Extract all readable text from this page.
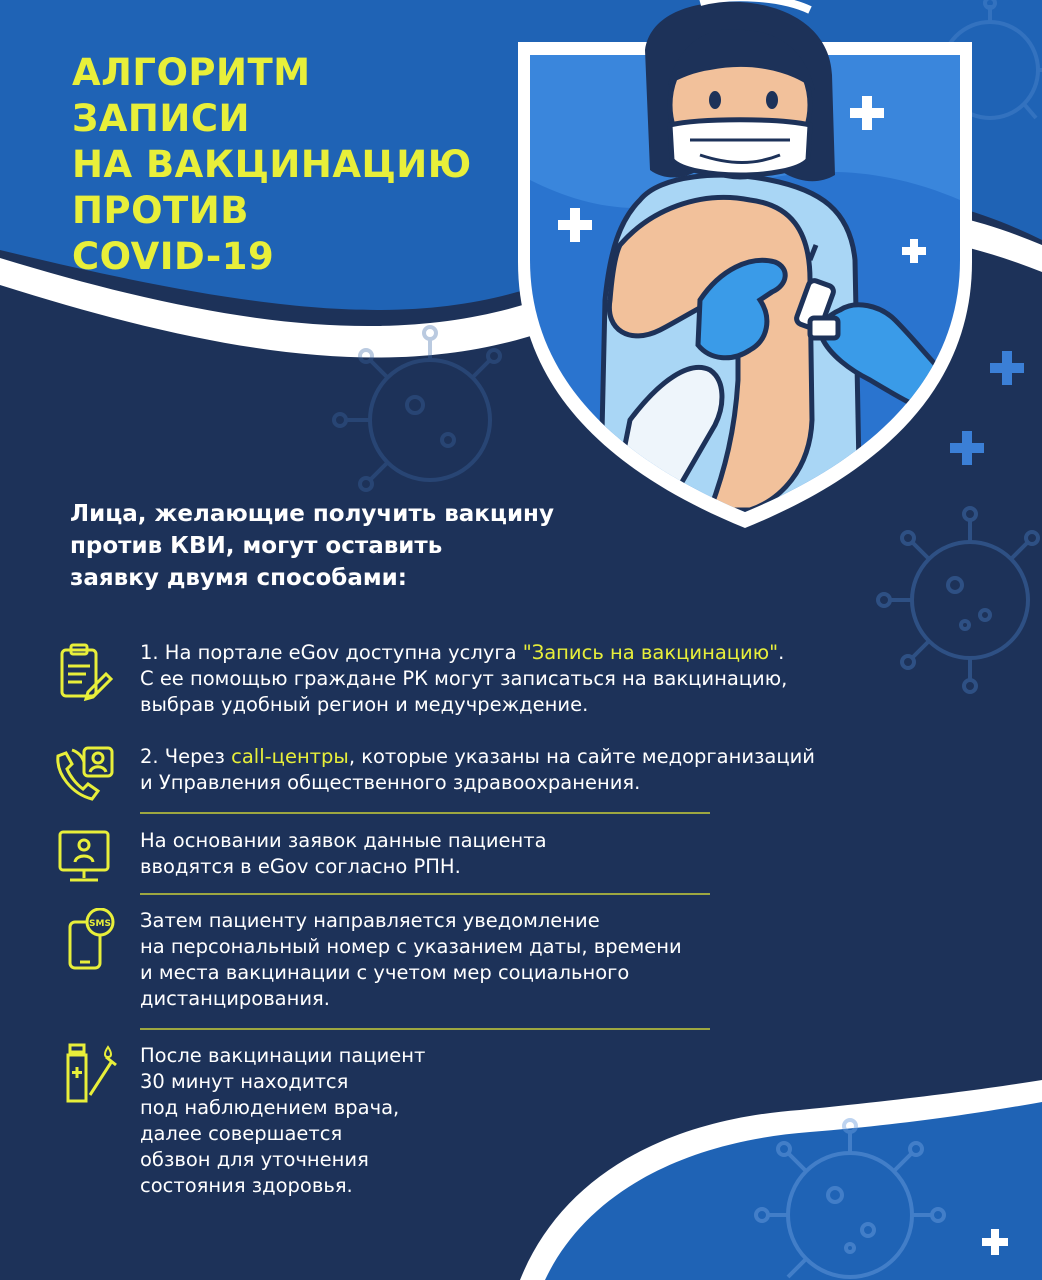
АЛГОРИТМ
ЗАПИСИ
НА ВАКЦИНАЦИЮ
ПРОТИВ
COVID-19

Лица, желающие получить вакцину
против КВИ, могут оставить
заявку двумя способами:

1. На портале eGov доступна услуга "Запись на вакцинацию".
С ее помощью граждане РК могут записаться на вакцинацию,
выбрав удобный регион и медучреждение.
2. Через call-центры, которые указаны на сайте медорганизаций
и Управления общественного здравоохранения.
На основании заявок данные пациента
вводятся в eGov согласно РПН.
SMS Затем пациенту направляется уведомление
на персональный номер с указанием даты, времени
и места вакцинации с учетом мер социального
дистанцирования.
После вакцинации пациент
30 минут находится
под наблюдением врача,
далее совершается
обзвон для уточнения
состояния здоровья.
